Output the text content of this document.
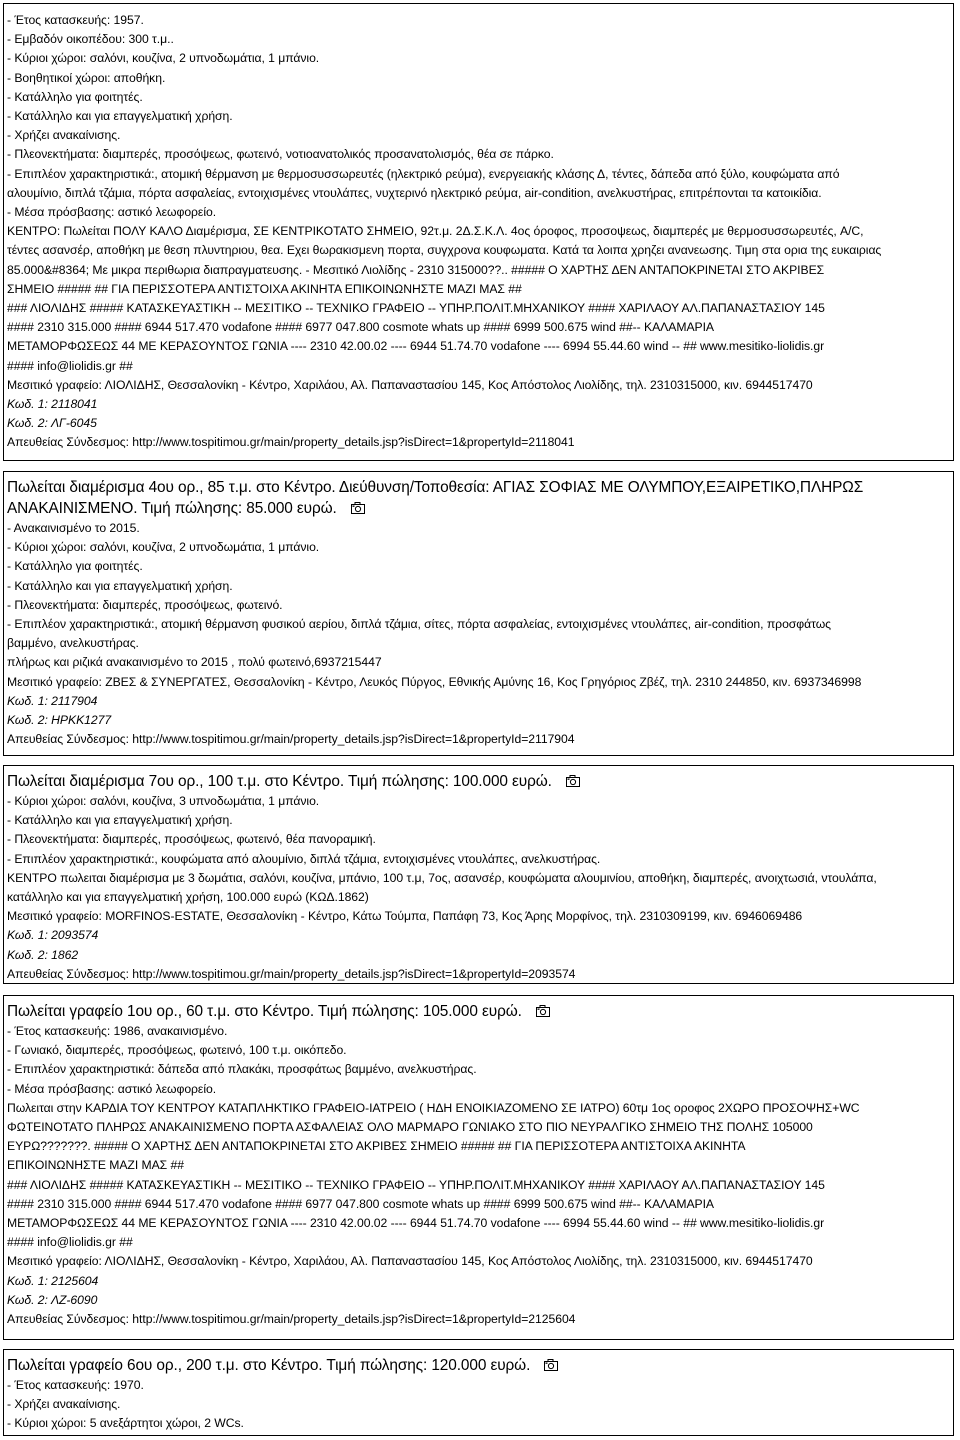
- Έτος κατασκευής: 1957.
- Εμβαδόν οικοπέδου: 300 τ.μ..
- Κύριοι χώροι: σαλόνι, κουζίνα, 2 υπνοδωμάτια, 1 μπάνιο.
- Βοηθητικοί χώροι: αποθήκη.
- Κατάλληλο για φοιτητές.
- Κατάλληλο και για επαγγελματική χρήση.
- Χρήζει ανακαίνισης.
- Πλεονεκτήματα: διαμπερές, προσόψεως, φωτεινό, νοτιοανατολικός προσανατολισμός, θέα σε πάρκο.
- Επιπλέον χαρακτηριστικά:, ατομική θέρμανση με θερμοσυσσωρευτές (ηλεκτρικό ρεύμα), ενεργειακής κλάσης Δ, τέντες, δάπεδα από ξύλο, κουφώματα από
αλουμίνιο, διπλά τζάμια, πόρτα ασφαλείας, εντοιχισμένες ντουλάπες, νυχτερινό ηλεκτρικό ρεύμα, air-condition, ανελκυστήρας, επιτρέπονται τα κατοικίδια.
- Μέσα πρόσβασης: αστικό λεωφορείο.
ΚΕΝΤΡΟ: Πωλείται ΠΟΛΥ ΚΑΛΟ Διαμέρισμα, ΣΕ ΚΕΝΤΡΙΚΟΤΑΤΟ ΣΗΜΕΙΟ, 92τ.μ. 2Δ.Σ.Κ.Λ. 4ος όροφος, προσοψεως, διαμπερές με θερμοσυσσωρευτές, A/C,
τέντες ασανσέρ, αποθήκη με θεση πλυντηριου, θεα. Εχει θωρακισμενη πορτα, συγχρονα κουφωματα. Κατά τα λοιπα χρηζει ανανεωσης. Τιμη στα ορια της ευκαιριας
85.000&#8364; Με μικρα περιθωρια διαπραγματευσης. - Μεσιτικό Λιολίδης - 2310 315000??.. ##### Ο ΧΑΡΤΗΣ ΔΕΝ ΑΝΤΑΠΟΚΡΙΝΕΤΑΙ ΣΤΟ ΑΚΡΙΒΕΣ
ΣΗΜΕΙΟ ##### ## ΓΙΑ ΠΕΡΙΣΣΟΤΕΡΑ ΑΝΤΙΣΤΟΙΧΑ ΑΚΙΝΗΤΑ ΕΠΙΚΟΙΝΩΝΗΣΤΕ ΜΑΖΙ ΜΑΣ ##
### ΛΙΟΛΙΔΗΣ ##### ΚΑΤΑΣΚΕΥΑΣΤΙΚΗ -- ΜΕΣΙΤΙΚΟ -- ΤΕΧΝΙΚΟ ΓΡΑΦΕΙΟ -- ΥΠΗΡ.ΠΟΛΙΤ.ΜΗΧΑΝΙΚΟΥ #### ΧΑΡΙΛΑΟΥ ΑΛ.ΠΑΠΑΝΑΣΤΑΣΙΟΥ 145
#### 2310 315.000 #### 6944 517.470 vodafone #### 6977 047.800 cosmote whats up #### 6999 500.675 wind ##-- ΚΑΛΑΜΑΡΙΑ
ΜΕΤΑΜΟΡΦΩΣΕΩΣ 44 ΜΕ ΚΕΡΑΣΟΥΝΤΟΣ ΓΩΝΙΑ ---- 2310 42.00.02 ---- 6944 51.74.70 vodafone ---- 6994 55.44.60 wind -- ## www.mesitiko-liolidis.gr
#### info@liolidis.gr ##
Μεσιτικό γραφείο: ΛΙΟΛΙΔΗΣ, Θεσσαλονίκη - Κέντρο, Χαριλάου, Αλ. Παπαναστασίου 145, Κος Απόστολος Λιολίδης, τηλ. 2310315000, κιν. 6944517470
Κωδ. 1: 2118041
Κωδ. 2: ΛΓ-6045
Απευθείας Σύνδεσμος: http://www.tospitimou.gr/main/property_details.jsp?isDirect=1&propertyId=2118041
Πωλείται διαμέρισμα 4ου ορ., 85 τ.μ. στο Κέντρο. Διεύθυνση/Τοποθεσία: ΑΓΙΑΣ ΣΟΦΙΑΣ ΜΕ ΟΛΥΜΠΟΥ,ΕΞΑΙΡΕΤΙΚΟ,ΠΛΗΡΩΣ
ΑΝΑΚΑΙΝΙΣΜΕΝΟ. Τιμή πώλησης: 85.000 ευρώ.
- Ανακαινισμένο το 2015.
- Κύριοι χώροι: σαλόνι, κουζίνα, 2 υπνοδωμάτια, 1 μπάνιο.
- Κατάλληλο για φοιτητές.
- Κατάλληλο και για επαγγελματική χρήση.
- Πλεονεκτήματα: διαμπερές, προσόψεως, φωτεινό.
- Επιπλέον χαρακτηριστικά:, ατομική θέρμανση φυσικού αερίου, διπλά τζάμια, σίτες, πόρτα ασφαλείας, εντοιχισμένες ντουλάπες, air-condition, προσφάτως
βαμμένο, ανελκυστήρας.
πλήρως και ριζικά ανακαινισμένο το 2015 , πολύ φωτεινό,6937215447
Μεσιτικό γραφείο: ΖΒΕΣ & ΣΥΝΕΡΓΑΤΕΣ, Θεσσαλονίκη - Κέντρο, Λευκός Πύργος, Εθνικής Αμύνης 16, Κος Γρηγόριος Ζβέζ, τηλ. 2310 244850, κιν. 6937346998
Κωδ. 1: 2117904
Κωδ. 2: ΗΡΚΚ1277
Απευθείας Σύνδεσμος: http://www.tospitimou.gr/main/property_details.jsp?isDirect=1&propertyId=2117904
Πωλείται διαμέρισμα 7ου ορ., 100 τ.μ. στο Κέντρο. Τιμή πώλησης: 100.000 ευρώ.
- Κύριοι χώροι: σαλόνι, κουζίνα, 3 υπνοδωμάτια, 1 μπάνιο.
- Κατάλληλο και για επαγγελματική χρήση.
- Πλεονεκτήματα: διαμπερές, προσόψεως, φωτεινό, θέα πανοραμική.
- Επιπλέον χαρακτηριστικά:, κουφώματα από αλουμίνιο, διπλά τζάμια, εντοιχισμένες ντουλάπες, ανελκυστήρας.
ΚΕΝΤΡΟ πωλειται διαμέρισμα με 3 δωμάτια, σαλόνι, κουζίνα, μπάνιο, 100 τ.μ, 7ος, ασανσέρ, κουφώματα αλουμινίου, αποθήκη, διαμπερές, ανοιχτωσιά, ντουλάπα,
κατάλληλο και για επαγγελματική χρήση, 100.000 ευρώ (ΚΩΔ.1862)
Μεσιτικό γραφείο: MORFINOS-ESTATE, Θεσσαλονίκη - Κέντρο, Κάτω Τούμπα, Παπάφη 73, Κος Άρης Μορφίνος, τηλ. 2310309199, κιν. 6946069486
Κωδ. 1: 2093574
Κωδ. 2: 1862
Απευθείας Σύνδεσμος: http://www.tospitimou.gr/main/property_details.jsp?isDirect=1&propertyId=2093574
Πωλείται γραφείο 1ου ορ., 60 τ.μ. στο Κέντρο. Τιμή πώλησης: 105.000 ευρώ.
- Έτος κατασκευής: 1986, ανακαινισμένο.
- Γωνιακό, διαμπερές, προσόψεως, φωτεινό, 100 τ.μ. οικόπεδο.
- Επιπλέον χαρακτηριστικά: δάπεδα από πλακάκι, προσφάτως βαμμένο, ανελκυστήρας.
- Μέσα πρόσβασης: αστικό λεωφορείο.
Πωλειται στην ΚΑΡΔΙΑ ΤΟΥ ΚΕΝΤΡΟΥ ΚΑΤΑΠΛΗΚΤΙΚΟ ΓΡΑΦΕΙΟ-ΙΑΤΡΕΙΟ ( ΗΔΗ ΕΝΟΙΚΙΑΖΟΜΕΝΟ ΣΕ ΙΑΤΡΟ) 60τμ 1ος οροφος 2ΧΩΡΟ ΠΡΟΣΟΨΗΣ+WC
ΦΩΤΕΙΝΟΤΑΤΟ ΠΛΗΡΩΣ ΑΝΑΚΑΙΝΙΣΜΕΝΟ ΠΟΡΤΑ ΑΣΦΑΛΕΙΑΣ ΟΛΟ ΜΑΡΜΑΡΟ ΓΩΝΙΑΚΟ ΣΤΟ ΠΙΟ ΝΕΥΡΑΛΓΙΚΟ ΣΗΜΕΙΟ ΤΗΣ ΠΟΛΗΣ 105000
ΕΥΡΩ???????. ##### Ο ΧΑΡΤΗΣ ΔΕΝ ΑΝΤΑΠΟΚΡΙΝΕΤΑΙ ΣΤΟ ΑΚΡΙΒΕΣ ΣΗΜΕΙΟ ##### ## ΓΙΑ ΠΕΡΙΣΣΟΤΕΡΑ ΑΝΤΙΣΤΟΙΧΑ ΑΚΙΝΗΤΑ
ΕΠΙΚΟΙΝΩΝΗΣΤΕ ΜΑΖΙ ΜΑΣ ##
### ΛΙΟΛΙΔΗΣ ##### ΚΑΤΑΣΚΕΥΑΣΤΙΚΗ -- ΜΕΣΙΤΙΚΟ -- ΤΕΧΝΙΚΟ ΓΡΑΦΕΙΟ -- ΥΠΗΡ.ΠΟΛΙΤ.ΜΗΧΑΝΙΚΟΥ #### ΧΑΡΙΛΑΟΥ ΑΛ.ΠΑΠΑΝΑΣΤΑΣΙΟΥ 145
#### 2310 315.000 #### 6944 517.470 vodafone #### 6977 047.800 cosmote whats up #### 6999 500.675 wind ##-- ΚΑΛΑΜΑΡΙΑ
ΜΕΤΑΜΟΡΦΩΣΕΩΣ 44 ΜΕ ΚΕΡΑΣΟΥΝΤΟΣ ΓΩΝΙΑ ---- 2310 42.00.02 ---- 6944 51.74.70 vodafone ---- 6994 55.44.60 wind -- ## www.mesitiko-liolidis.gr
#### info@liolidis.gr ##
Μεσιτικό γραφείο: ΛΙΟΛΙΔΗΣ, Θεσσαλονίκη - Κέντρο, Χαριλάου, Αλ. Παπαναστασίου 145, Κος Απόστολος Λιολίδης, τηλ. 2310315000, κιν. 6944517470
Κωδ. 1: 2125604
Κωδ. 2: ΛΖ-6090
Απευθείας Σύνδεσμος: http://www.tospitimou.gr/main/property_details.jsp?isDirect=1&propertyId=2125604
Πωλείται γραφείο 6ου ορ., 200 τ.μ. στο Κέντρο. Τιμή πώλησης: 120.000 ευρώ.
- Έτος κατασκευής: 1970.
- Χρήζει ανακαίνισης.
- Κύριοι χώροι: 5 ανεξάρτητοι χώροι, 2 WCs.
